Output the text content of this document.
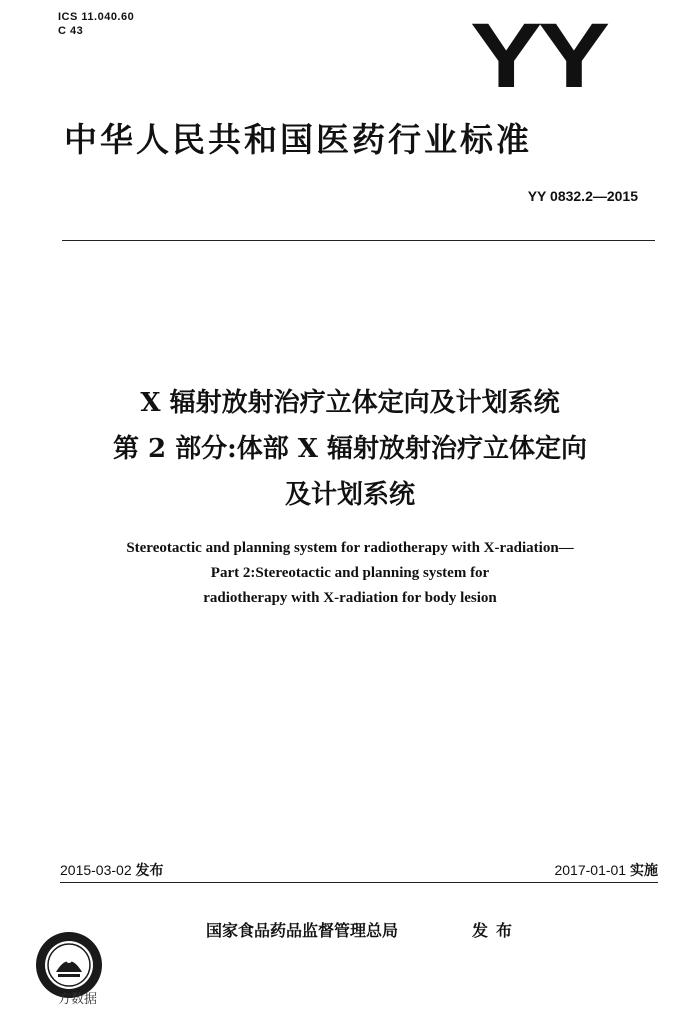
ICS 11.040.60
C 43	YY
中华人民共和国医药行业标准
YY 0832.2—2015
X 辐射放射治疗立体定向及计划系统
第 2 部分:体部 X 辐射放射治疗立体定向
及计划系统
Stereotactic and planning system for radiotherapy with X-radiation—
Part 2:Stereotactic and planning system for
radiotherapy with X-radiation for body lesion
2015-03-02 发布	2017-01-01 实施
国家食品药品监督管理总局	发布
方数据
